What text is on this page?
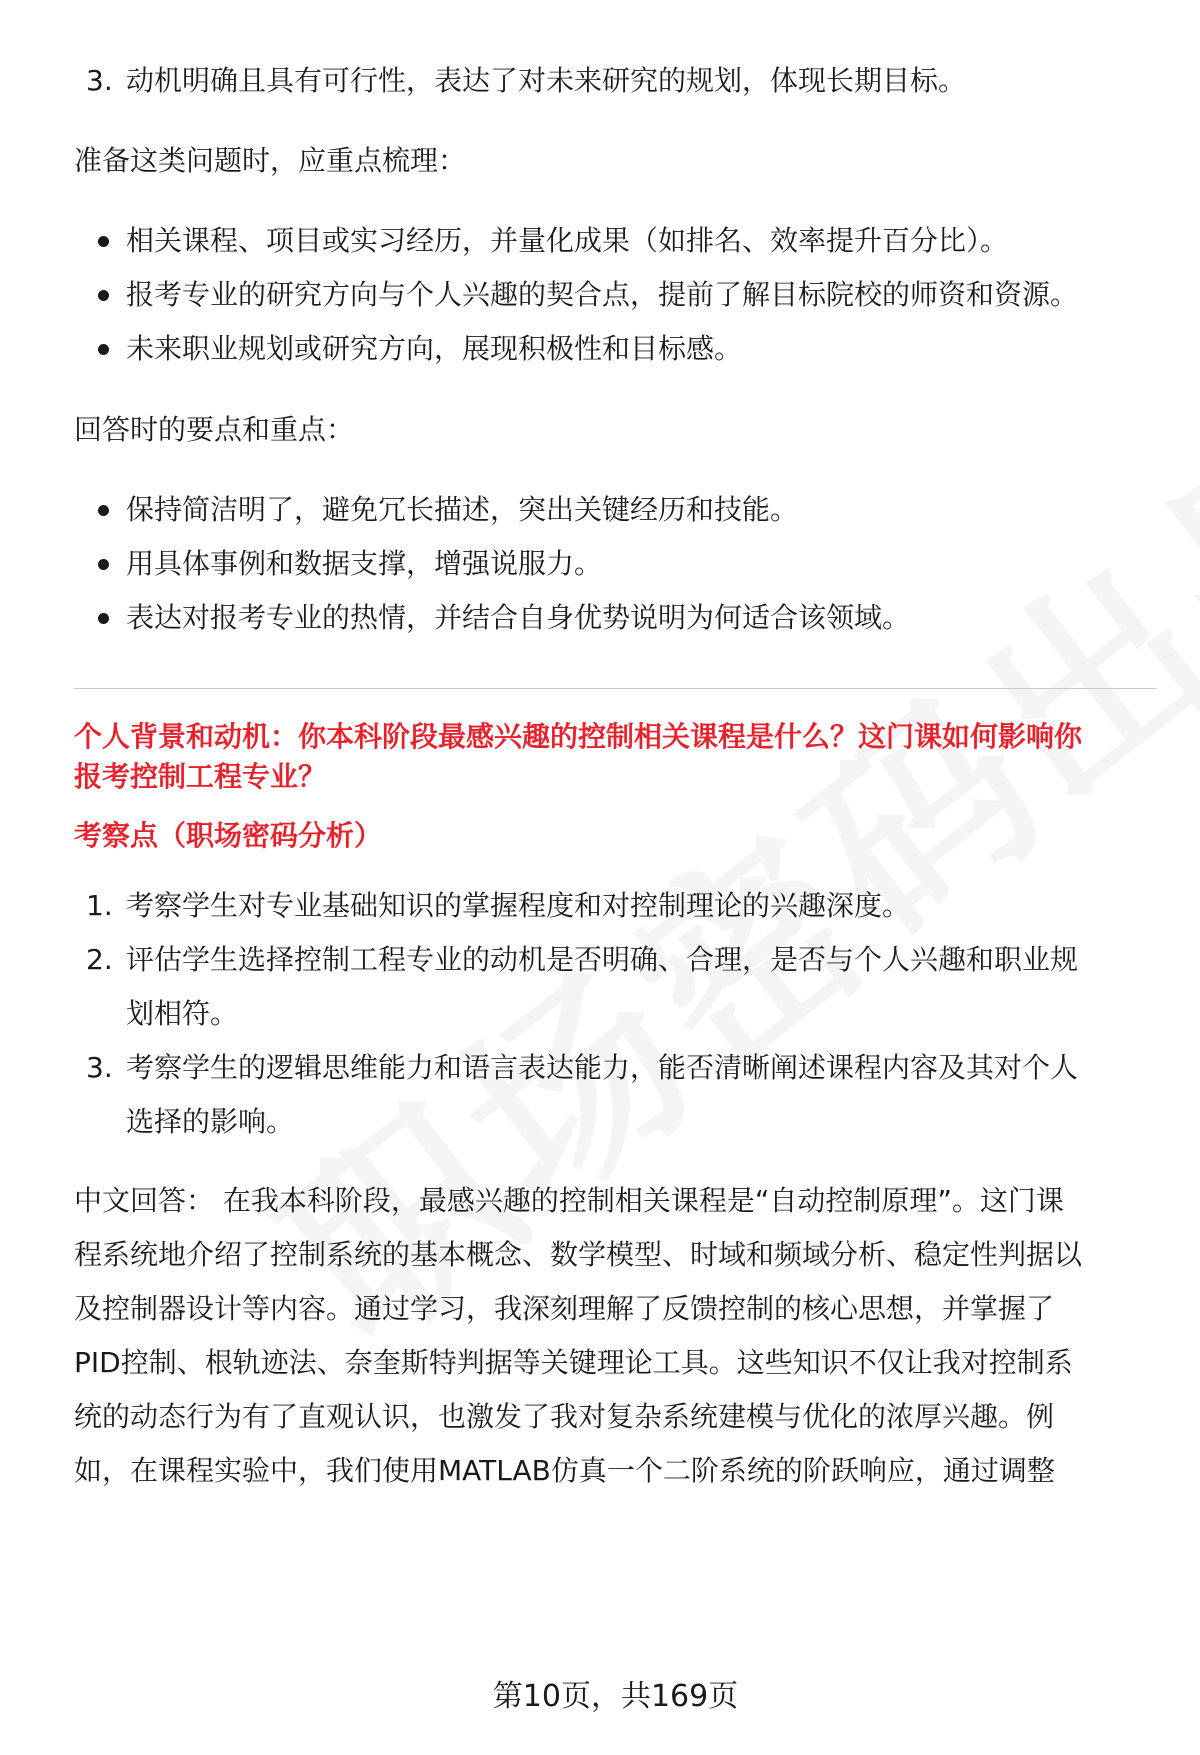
3. 动机明确且具有可行性，表达了对未来研究的规划，体现长期目标。
准备这类问题时，应重点梳理：
相关课程、项目或实习经历，并量化成果（如排名、效率提升百分比）。
报考专业的研究方向与个人兴趣的契合点，提前了解目标院校的师资和资源。
未来职业规划或研究方向，展现积极性和目标感。
回答时的要点和重点：
保持简洁明了，避免冗长描述，突出关键经历和技能。
用具体事例和数据支撑，增强说服力。
表达对报考专业的热情，并结合自身优势说明为何适合该领域。
个人背景和动机：你本科阶段最感兴趣的控制相关课程是什么？这门课如何影响你
报考控制工程专业？
考察点（职场密码分析）
1. 考察学生对专业基础知识的掌握程度和对控制理论的兴趣深度。
2. 评估学生选择控制工程专业的动机是否明确、合理，是否与个人兴趣和职业规
划相符。
3. 考察学生的逻辑思维能力和语言表达能力，能否清晰阐述课程内容及其对个人
选择的影响。
中文回答： 在我本科阶段，最感兴趣的控制相关课程是“自动控制原理”。这门课
程系统地介绍了控制系统的基本概念、数学模型、时域和频域分析、稳定性判据以
及控制器设计等内容。通过学习，我深刻理解了反馈控制的核心思想，并掌握了
PID控制、根轨迹法、奈奎斯特判据等关键理论工具。这些知识不仅让我对控制系
统的动态行为有了直观认识，也激发了我对复杂系统建模与优化的浓厚兴趣。例
如，在课程实验中，我们使用MATLAB仿真一个二阶系统的阶跃响应，通过调整
第10页，共169页
